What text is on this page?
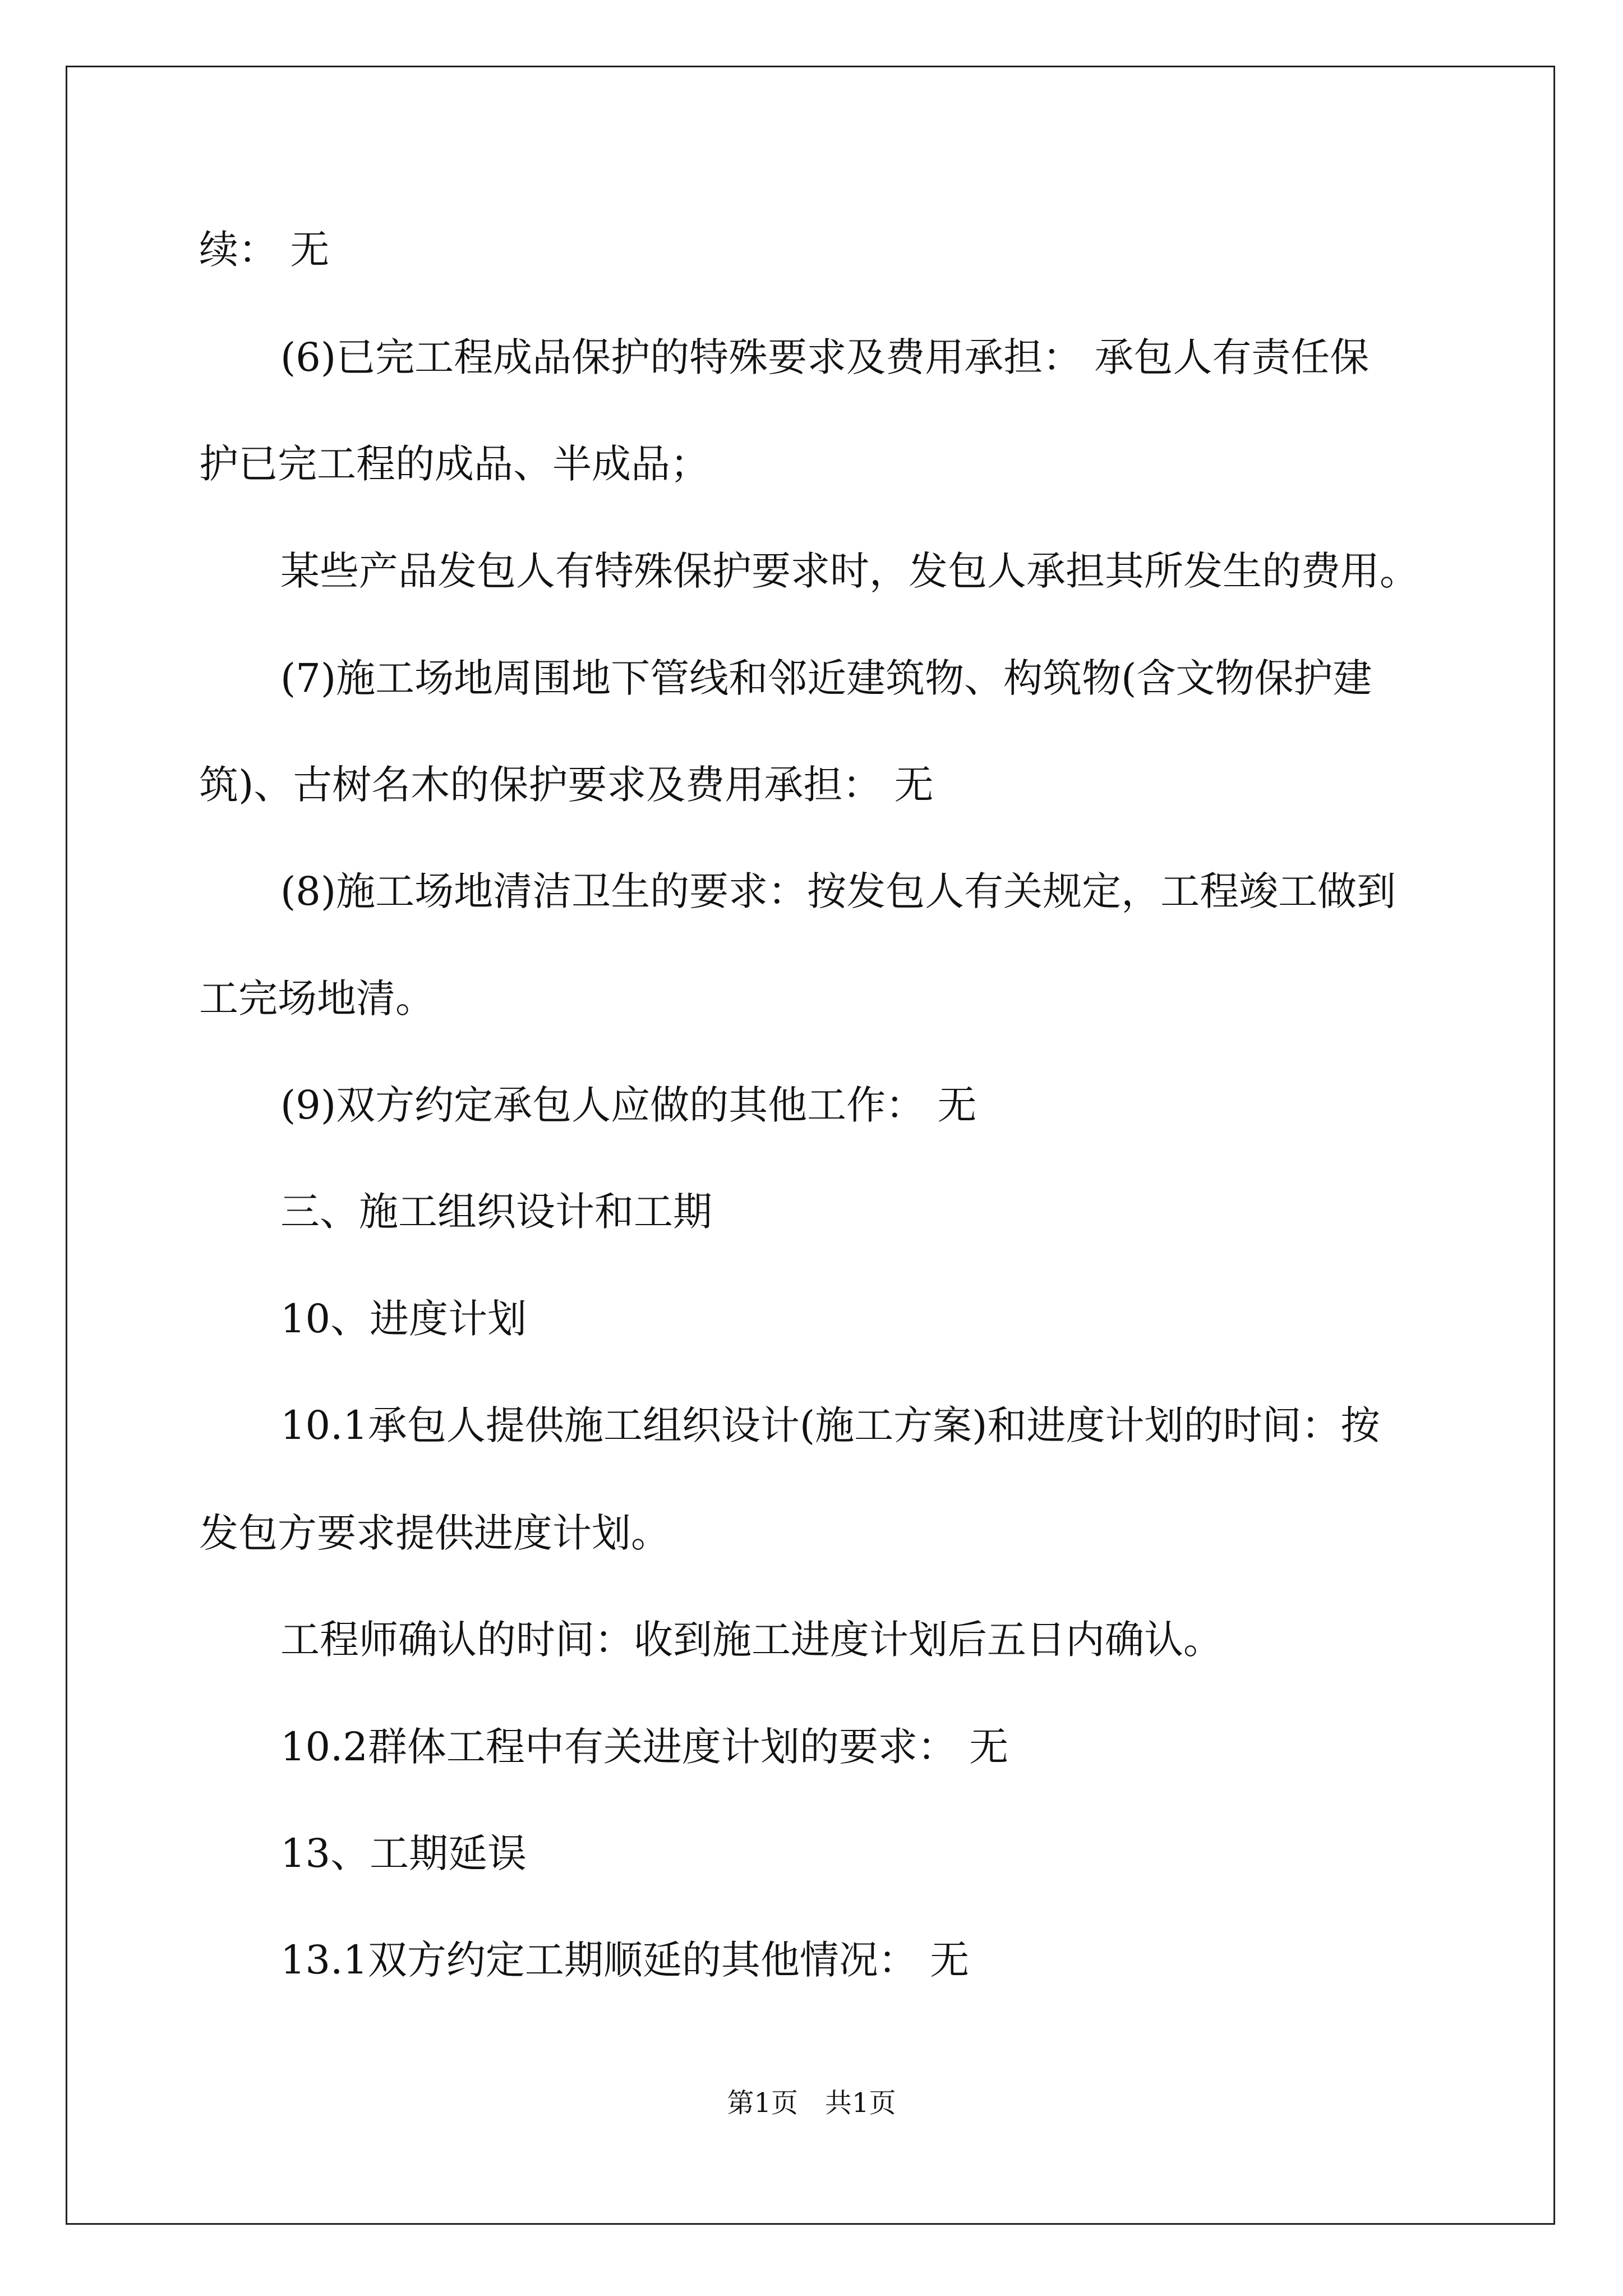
续： 无

(6)已完工程成品保护的特殊要求及费用承担： 承包人有责任保

护已完工程的成品、半成品；

某些产品发包人有特殊保护要求时，发包人承担其所发生的费用。

(7)施工场地周围地下管线和邻近建筑物、构筑物(含文物保护建

筑)、古树名木的保护要求及费用承担： 无

(8)施工场地清洁卫生的要求：按发包人有关规定，工程竣工做到

工完场地清。

(9)双方约定承包人应做的其他工作： 无

三、施工组织设计和工期

10、进度计划

10.1承包人提供施工组织设计(施工方案)和进度计划的时间：按

发包方要求提供进度计划。

工程师确认的时间：收到施工进度计划后五日内确认。

10.2群体工程中有关进度计划的要求： 无

13、工期延误

13.1双方约定工期顺延的其他情况： 无

第1页 共1页
